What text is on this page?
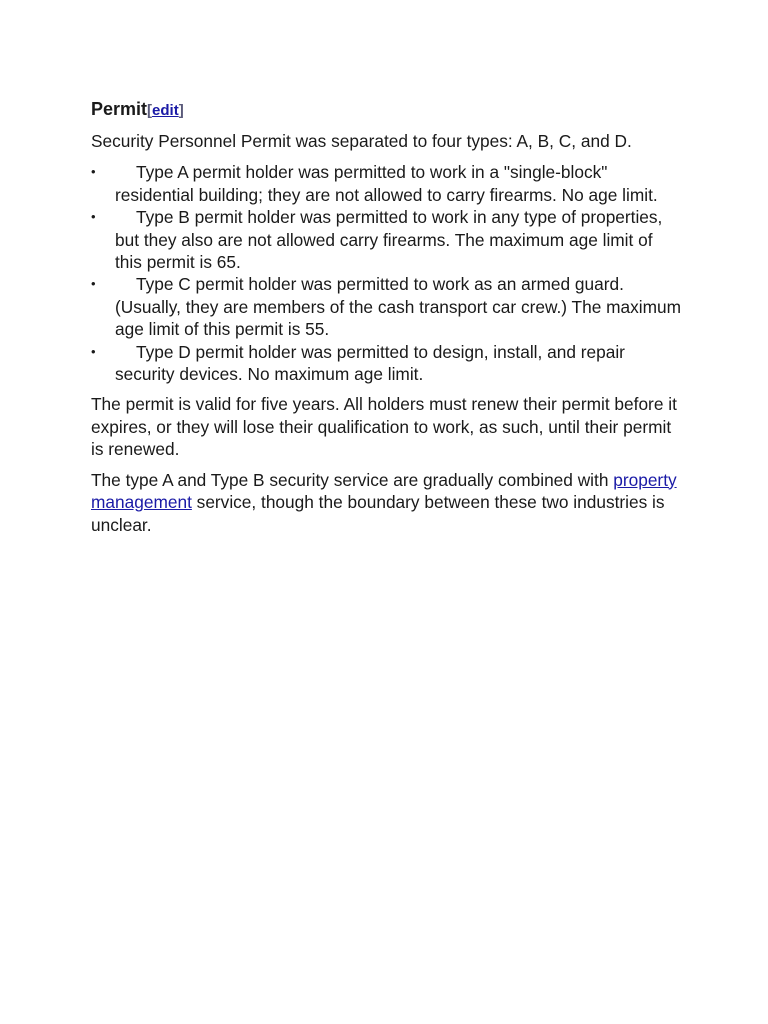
Permit[edit]

Security Personnel Permit was separated to four types: A, B, C, and D.

• Type A permit holder was permitted to work in a "single-block" residential building; they are not allowed to carry firearms. No age limit.
• Type B permit holder was permitted to work in any type of properties, but they also are not allowed carry firearms. The maximum age limit of this permit is 65.
• Type C permit holder was permitted to work as an armed guard. (Usually, they are members of the cash transport car crew.) The maximum age limit of this permit is 55.
• Type D permit holder was permitted to design, install, and repair security devices. No maximum age limit.

The permit is valid for five years. All holders must renew their permit before it expires, or they will lose their qualification to work, as such, until their permit is renewed.

The type A and Type B security service are gradually combined with property management service, though the boundary between these two industries is unclear.
